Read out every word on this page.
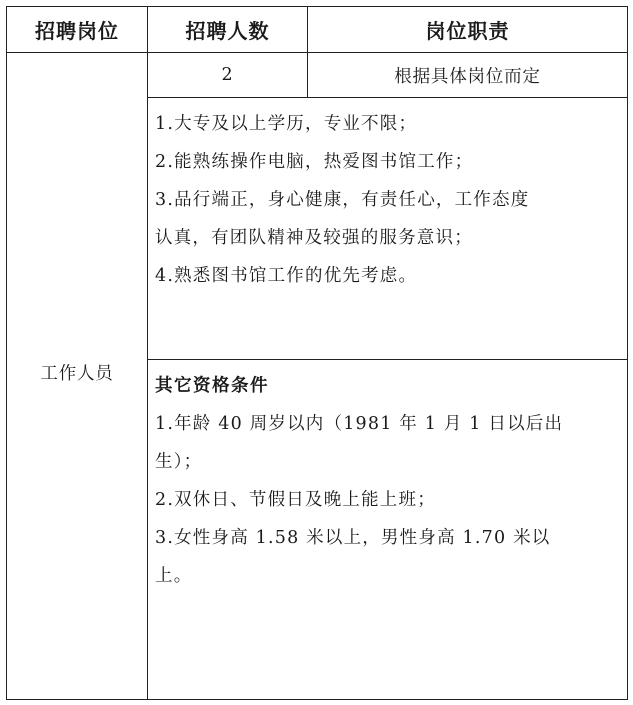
招聘岗位	招聘人数	岗位职责
工作人员
2	根据具体岗位而定

1.大专及以上学历，专业不限；

2.能熟练操作电脑，热爱图书馆工作；

3.品行端正，身心健康，有责任心，工作态度

认真，有团队精神及较强的服务意识；

4.熟悉图书馆工作的优先考虑。

其它资格条件

1.年龄 40 周岁以内（1981 年 1 月 1 日以后出

生）；

2.双休日、节假日及晚上能上班；

3.女性身高 1.58 米以上，男性身高 1.70 米以

上。
